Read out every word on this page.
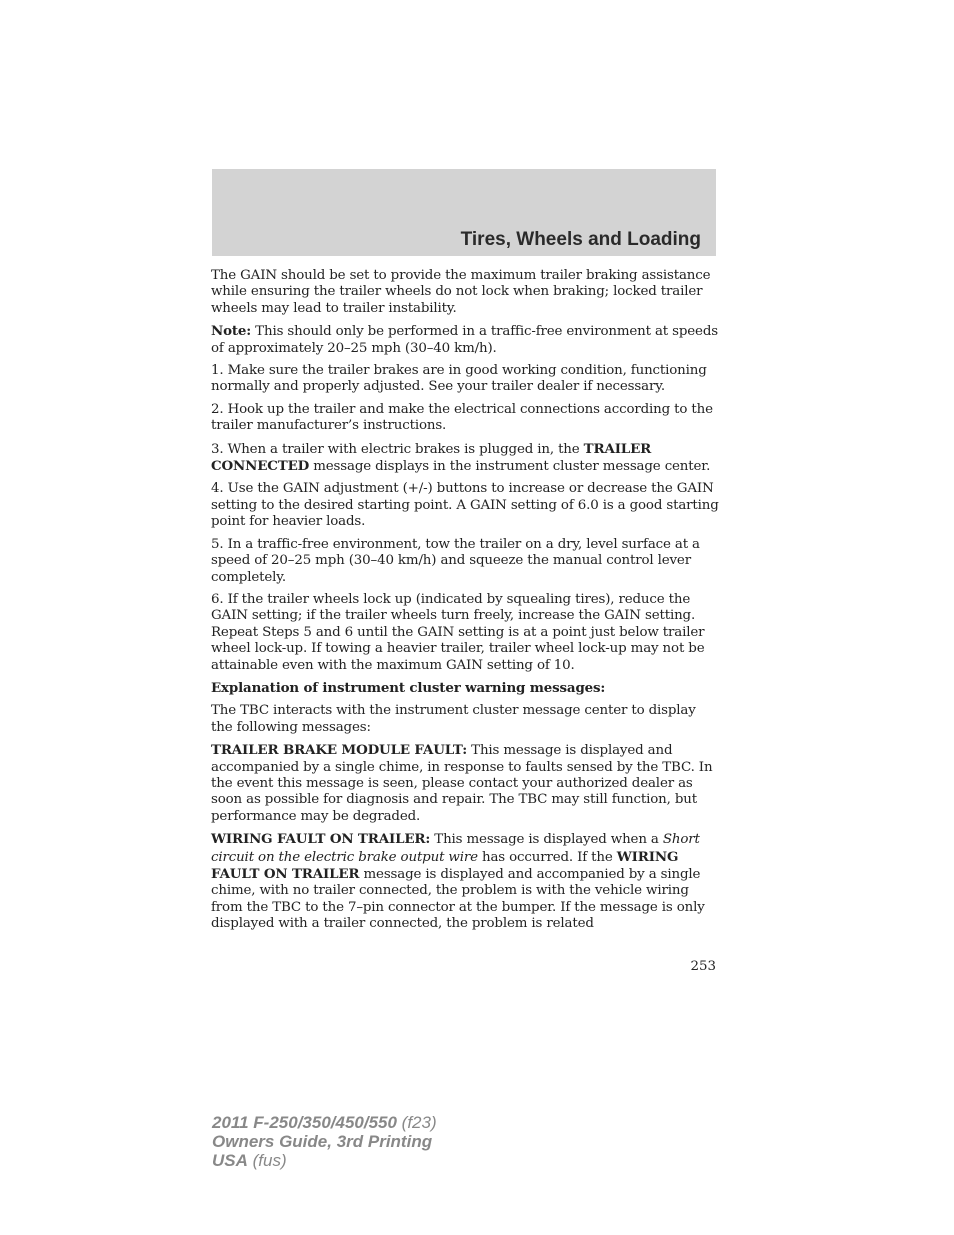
Tires, Wheels and Loading

The GAIN should be set to provide the maximum trailer braking assistance while ensuring the trailer wheels do not lock when braking; locked trailer wheels may lead to trailer instability.

Note: This should only be performed in a traffic-free environment at speeds of approximately 20–25 mph (30–40 km/h).

1. Make sure the trailer brakes are in good working condition, functioning normally and properly adjusted. See your trailer dealer if necessary.

2. Hook up the trailer and make the electrical connections according to the trailer manufacturer’s instructions.

3. When a trailer with electric brakes is plugged in, the TRAILER CONNECTED message displays in the instrument cluster message center.

4. Use the GAIN adjustment (+/-) buttons to increase or decrease the GAIN setting to the desired starting point. A GAIN setting of 6.0 is a good starting point for heavier loads.

5. In a traffic-free environment, tow the trailer on a dry, level surface at a speed of 20–25 mph (30–40 km/h) and squeeze the manual control lever completely.

6. If the trailer wheels lock up (indicated by squealing tires), reduce the GAIN setting; if the trailer wheels turn freely, increase the GAIN setting. Repeat Steps 5 and 6 until the GAIN setting is at a point just below trailer wheel lock-up. If towing a heavier trailer, trailer wheel lock-up may not be attainable even with the maximum GAIN setting of 10.

Explanation of instrument cluster warning messages:

The TBC interacts with the instrument cluster message center to display the following messages:

TRAILER BRAKE MODULE FAULT: This message is displayed and accompanied by a single chime, in response to faults sensed by the TBC. In the event this message is seen, please contact your authorized dealer as soon as possible for diagnosis and repair. The TBC may still function, but performance may be degraded.

WIRING FAULT ON TRAILER: This message is displayed when a Short circuit on the electric brake output wire has occurred. If the WIRING FAULT ON TRAILER message is displayed and accompanied by a single chime, with no trailer connected, the problem is with the vehicle wiring from the TBC to the 7–pin connector at the bumper. If the message is only displayed with a trailer connected, the problem is related

253
2011 F-250/350/450/550 (f23)
Owners Guide, 3rd Printing
USA (fus)
